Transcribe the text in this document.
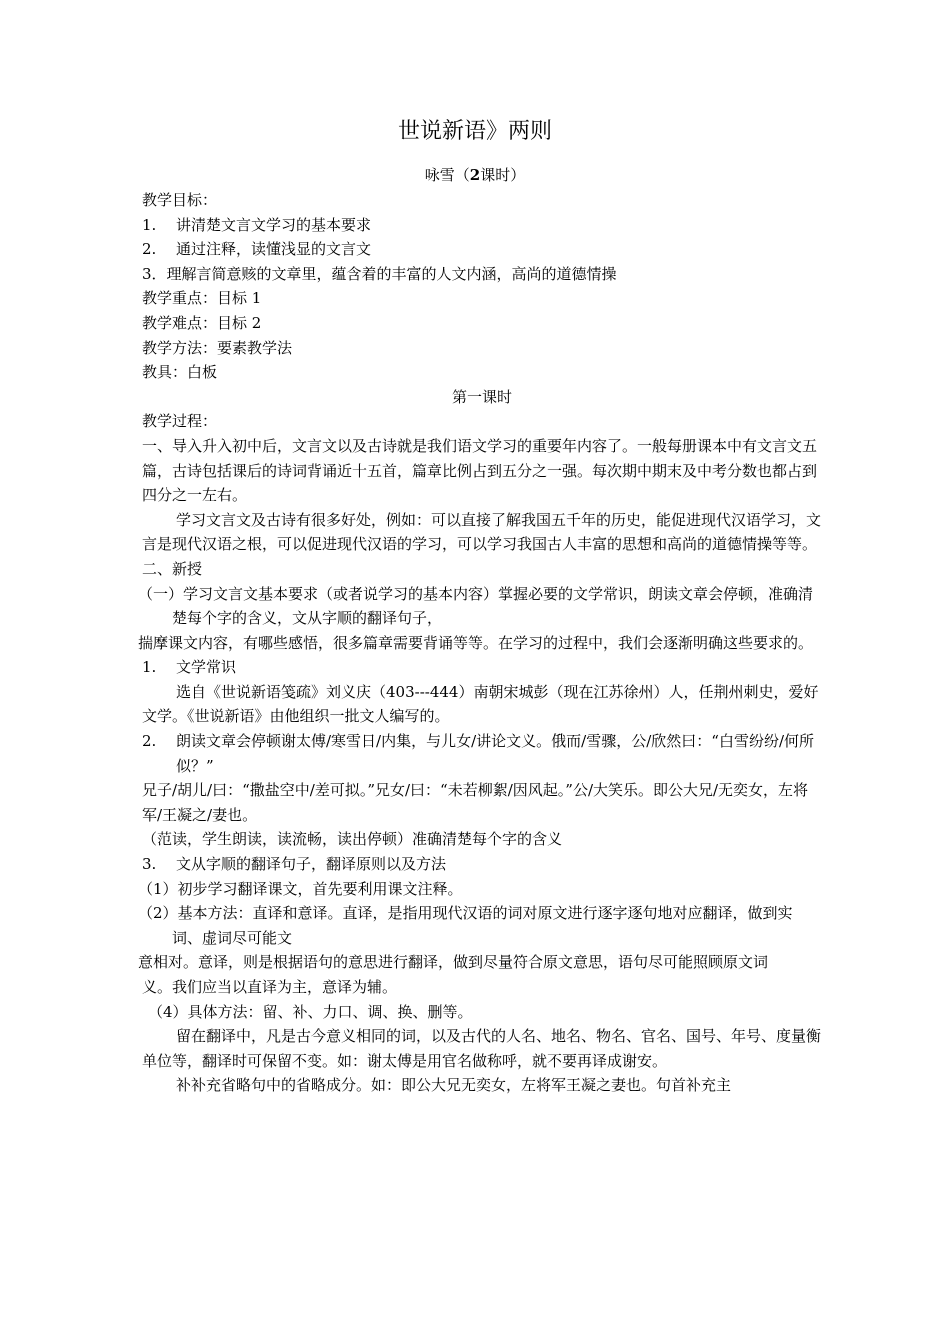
世说新语》两则
咏雪（2课时）

教学目标：

1. 讲清楚文言文学习的基本要求

2. 通过注释，读懂浅显的文言文

3．理解言简意赅的文章里，蕴含着的丰富的人文内涵，高尚的道德情操

教学重点：目标 1

教学难点：目标 2

教学方法：要素教学法

教具：白板

第一课时

教学过程：

一、导入升入初中后，文言文以及古诗就是我们语文学习的重要年内容了。一般每册课本中有文言文五篇，古诗包括课后的诗词背诵近十五首，篇章比例占到五分之一强。每次期中期末及中考分数也都占到四分之一左右。

学习文言文及古诗有很多好处，例如：可以直接了解我国五千年的历史，能促进现代汉语学习，文言是现代汉语之根，可以促进现代汉语的学习，可以学习我国古人丰富的思想和高尚的道德情操等等。

二、新授

（一）学习文言文基本要求（或者说学习的基本内容）掌握必要的文学常识，朗读文章会停顿，准确清楚每个字的含义，文从字顺的翻译句子，

揣摩课文内容，有哪些感悟，很多篇章需要背诵等等。在学习的过程中，我们会逐渐明确这些要求的。

1. 文学常识

选自《世说新语笺疏》刘义庆（403---444）南朝宋城彭（现在江苏徐州）人，任荆州刺史，爱好文学。《世说新语》由他组织一批文人编写的。

2. 朗读文章会停顿谢太傅/寒雪日/内集，与儿女/讲论文义。俄而/雪骤，公/欣然曰：“白雪纷纷/何所似？”

兄子/胡儿/曰：“撒盐空中/差可拟。”兄女/曰：“未若柳絮/因风起。”公/大笑乐。即公大兄/无奕女，左将军/王凝之/妻也。

（范读，学生朗读，读流畅，读出停顿）准确清楚每个字的含义

3. 文从字顺的翻译句子，翻译原则以及方法

（1）初步学习翻译课文，首先要利用课文注释。

（2）基本方法：直译和意译。直译，是指用现代汉语的词对原文进行逐字逐句地对应翻译，做到实词、虚词尽可能文

意相对。意译，则是根据语句的意思进行翻译，做到尽量符合原文意思，语句尽可能照顾原文词

义。我们应当以直译为主，意译为辅。

（4）具体方法：留、补、力口、调、换、删等。

留在翻译中，凡是古今意义相同的词，以及古代的人名、地名、物名、官名、国号、年号、度量衡单位等，翻译时可保留不变。如：谢太傅是用官名做称呼，就不要再译成谢安。

补补充省略句中的省略成分。如：即公大兄无奕女，左将军王凝之妻也。句首补充主
